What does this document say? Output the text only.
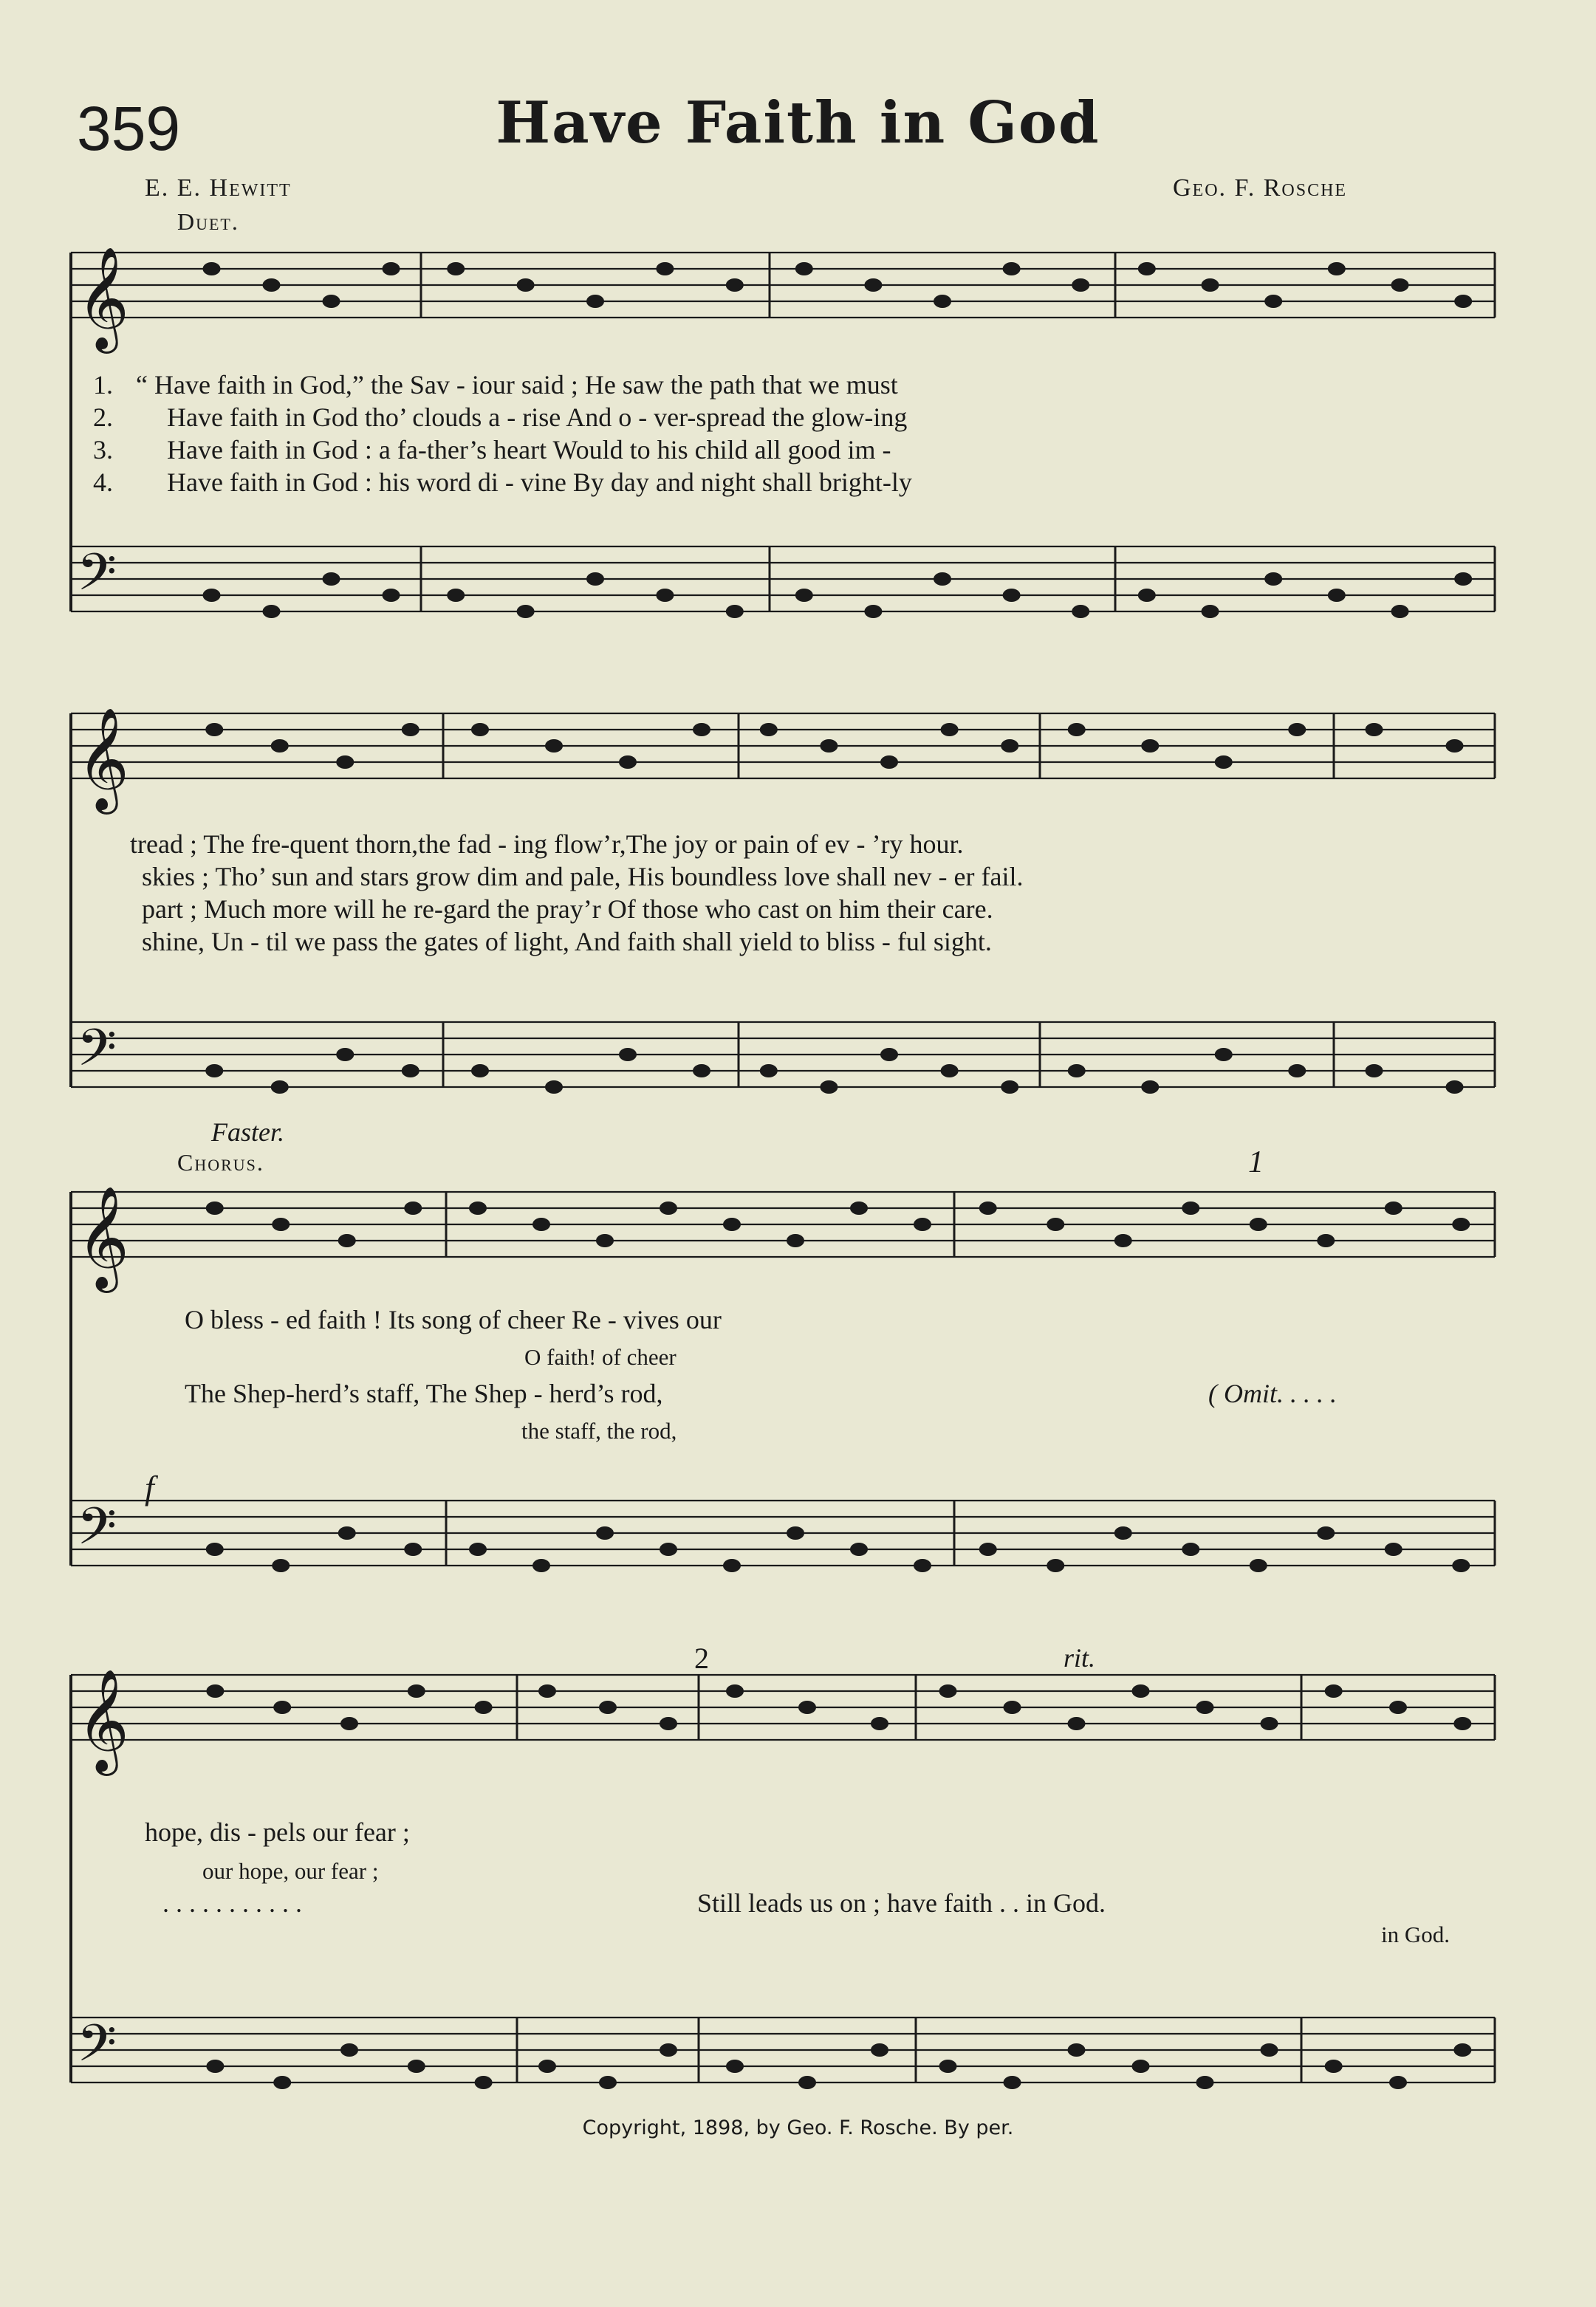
359	Have Faith in God
E. E. Hewitt	Geo. F. Rosche
Duet.
𝄞
𝄢
𝄞
𝄢
𝄞
𝄢
𝄞
𝄢
1. “ Have faith in God,” the Sav - iour said ; He saw the path that we must
2. Have faith in God tho’ clouds a - rise And o - ver-spread the glow-ing
3. Have faith in God : a fa-ther’s heart Would to his child all good im -
4. Have faith in God : his word di - vine By day and night shall bright-ly
tread ; The fre-quent thorn,the fad - ing flow’r,The joy or pain of ev - ’ry hour.
skies ; Tho’ sun and stars grow dim and pale, His boundless love shall nev - er fail.
part ; Much more will he re-gard the pray’r Of those who cast on him their care.
shine, Un - til we pass the gates of light, And faith shall yield to bliss - ful sight.
Faster.
Chorus.	1
O bless - ed faith ! Its song of cheer Re - vives our
O faith! of cheer
The Shep-herd’s staff, The Shep - herd’s rod,	( Omit. . . . .
the staff, the rod,
f
2	rit.
hope, dis - pels our fear ;
our hope, our fear ;
. . . . . . . . . . .	Still leads us on ; have faith . . in God.
in God.
Copyright, 1898, by Geo. F. Rosche. By per.
